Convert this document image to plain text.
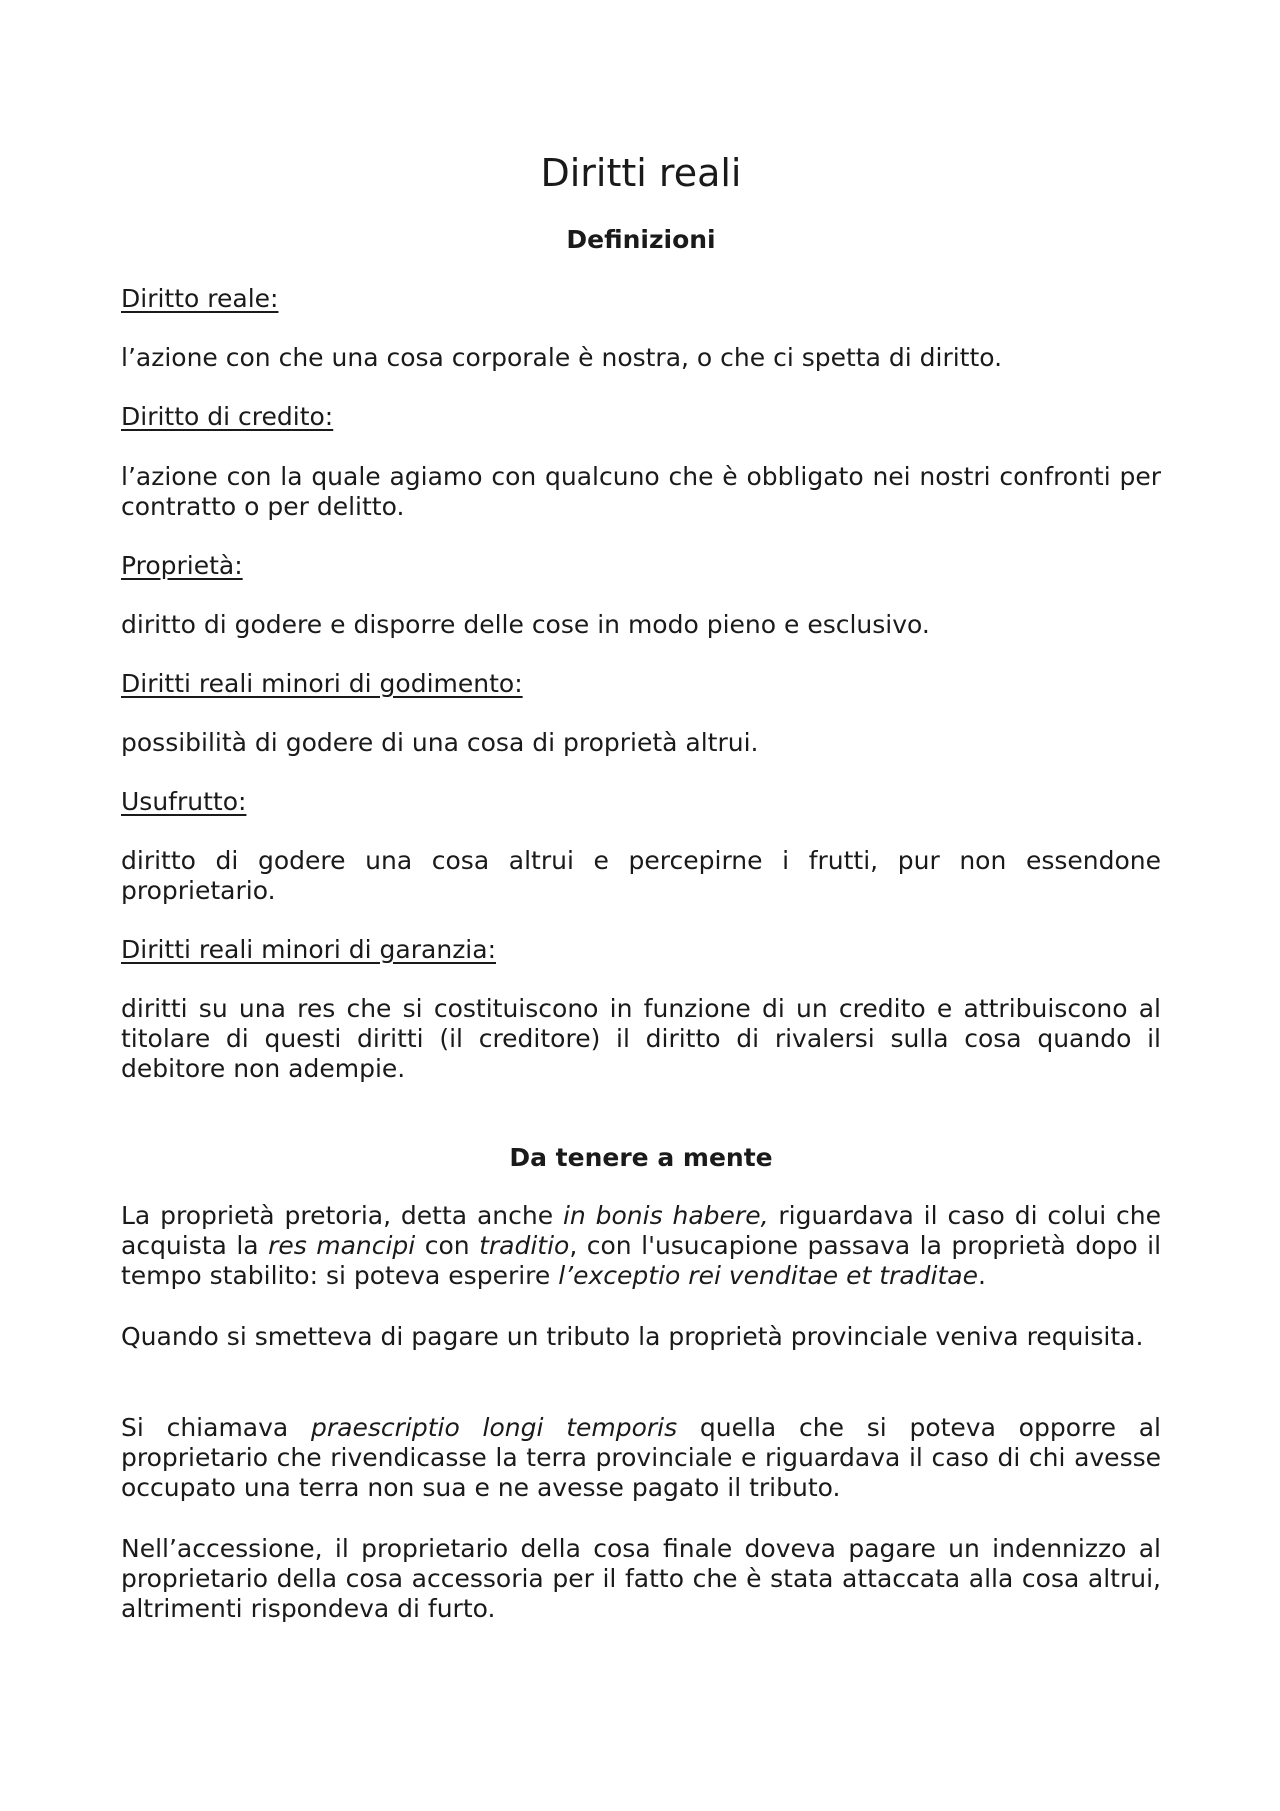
Diritti reali
Definizioni

Diritto reale:

l’azione con che una cosa corporale è nostra, o che ci spetta di diritto.

Diritto di credito:

l’azione con la quale agiamo con qualcuno che è obbligato nei nostri confronti per contratto o per delitto.

Proprietà:

diritto di godere e disporre delle cose in modo pieno e esclusivo.

Diritti reali minori di godimento:

possibilità di godere di una cosa di proprietà altrui.

Usufrutto:

diritto di godere una cosa altrui e percepirne i frutti, pur non essendone proprietario.

Diritti reali minori di garanzia:

diritti su una res che si costituiscono in funzione di un credito e attribuiscono al titolare di questi diritti (il creditore) il diritto di rivalersi sulla cosa quando il debitore non adempie.

Da tenere a mente

La proprietà pretoria, detta anche in bonis habere, riguardava il caso di colui che acquista la res mancipi con traditio, con l'usucapione passava la proprietà dopo il tempo stabilito: si poteva esperire l’exceptio rei venditae et traditae.

Quando si smetteva di pagare un tributo la proprietà provinciale veniva requisita.

Si chiamava praescriptio longi temporis quella che si poteva opporre al proprietario che rivendicasse la terra provinciale e riguardava il caso di chi avesse occupato una terra non sua e ne avesse pagato il tributo.

Nell’accessione, il proprietario della cosa finale doveva pagare un indennizzo al proprietario della cosa accessoria per il fatto che è stata attaccata alla cosa altrui, altrimenti rispondeva di furto.
